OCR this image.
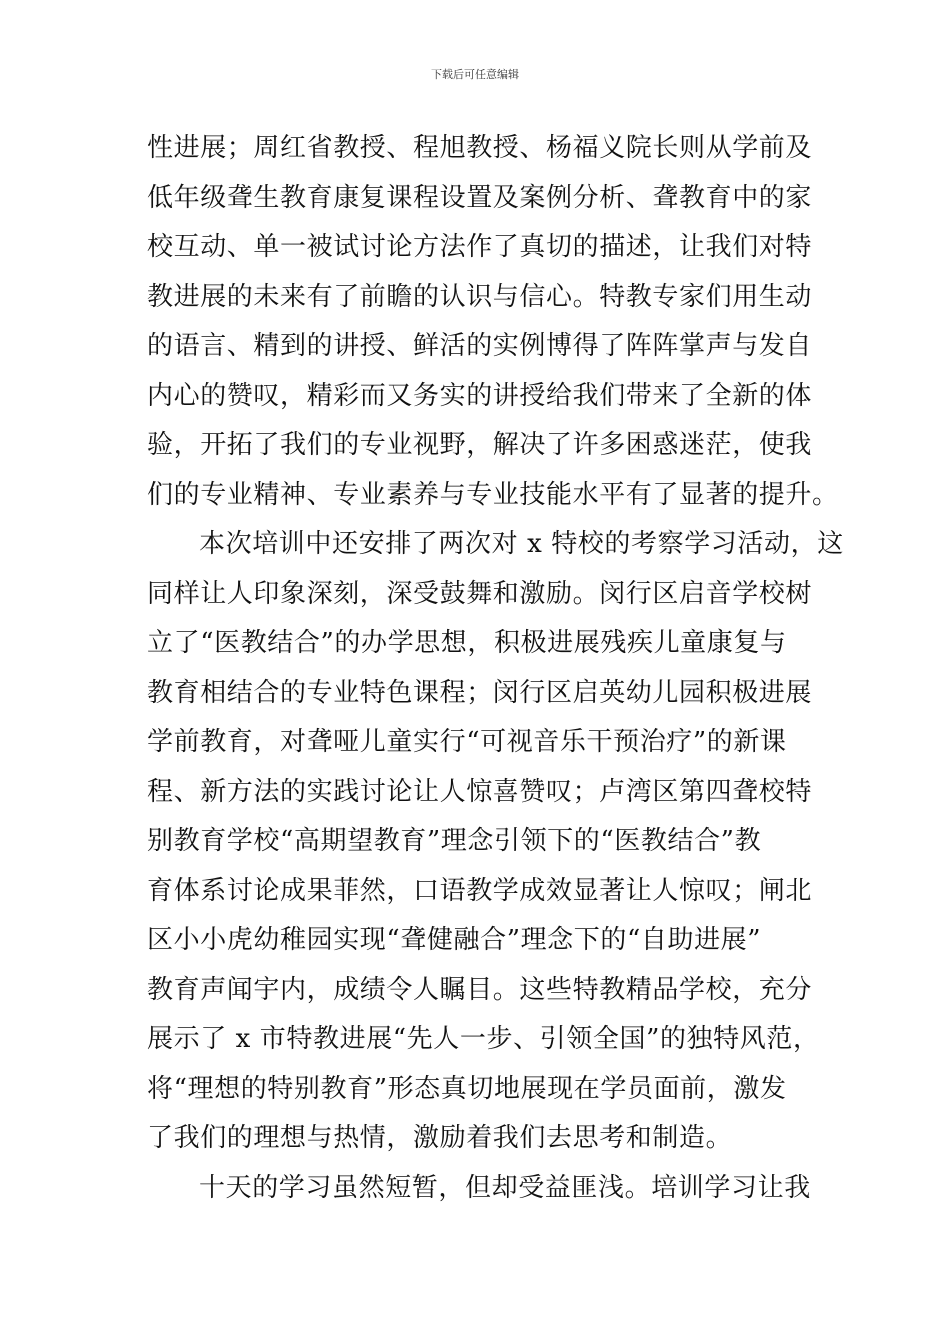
下载后可任意编辑
性进展；周红省教授、程旭教授、杨福义院长则从学前及
低年级聋生教育康复课程设置及案例分析、聋教育中的家
校互动、单一被试讨论方法作了真切的描述，让我们对特
教进展的未来有了前瞻的认识与信心。特教专家们用生动
的语言、精到的讲授、鲜活的实例博得了阵阵掌声与发自
内心的赞叹，精彩而又务实的讲授给我们带来了全新的体
验，开拓了我们的专业视野，解决了许多困惑迷茫，使我
们的专业精神、专业素养与专业技能水平有了显著的提升。
本次培训中还安排了两次对 x 特校的考察学习活动，这
同样让人印象深刻，深受鼓舞和激励。闵行区启音学校树
立了“医教结合”的办学思想，积极进展残疾儿童康复与
教育相结合的专业特色课程；闵行区启英幼儿园积极进展
学前教育，对聋哑儿童实行“可视音乐干预治疗”的新课
程、新方法的实践讨论让人惊喜赞叹；卢湾区第四聋校特
别教育学校“高期望教育”理念引领下的“医教结合”教
育体系讨论成果菲然，口语教学成效显著让人惊叹；闸北
区小小虎幼稚园实现“聋健融合”理念下的“自助进展”
教育声闻宇内，成绩令人瞩目。这些特教精品学校，充分
展示了 x 市特教进展“先人一步、引领全国”的独特风范，
将“理想的特别教育”形态真切地展现在学员面前，激发
了我们的理想与热情，激励着我们去思考和制造。
十天的学习虽然短暂，但却受益匪浅。培训学习让我
